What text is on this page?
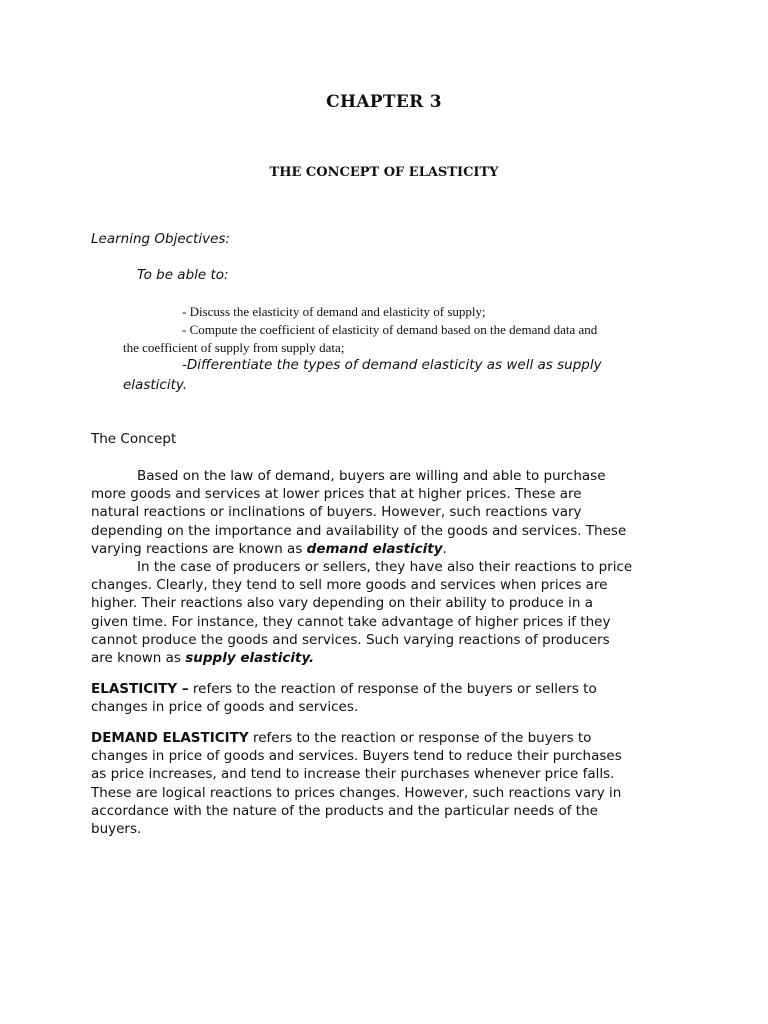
CHAPTER 3
THE CONCEPT OF ELASTICITY
Learning Objectives:
To be able to:
- Discuss the elasticity of demand and elasticity of supply;
- Compute the coefficient of elasticity of demand based on the demand data and
the coefficient of supply from supply data;
-Differentiate the types of demand elasticity as well as supply
elasticity.
The Concept
Based on the law of demand, buyers are willing and able to purchase
more goods and services at lower prices that at higher prices. These are
natural reactions or inclinations of buyers. However, such reactions vary
depending on the importance and availability of the goods and services. These
varying reactions are known as demand elasticity.
In the case of producers or sellers, they have also their reactions to price
changes. Clearly, they tend to sell more goods and services when prices are
higher. Their reactions also vary depending on their ability to produce in a
given time. For instance, they cannot take advantage of higher prices if they
cannot produce the goods and services. Such varying reactions of producers
are known as supply elasticity.
ELASTICITY – refers to the reaction of response of the buyers or sellers to
changes in price of goods and services.
DEMAND ELASTICITY refers to the reaction or response of the buyers to
changes in price of goods and services. Buyers tend to reduce their purchases
as price increases, and tend to increase their purchases whenever price falls.
These are logical reactions to prices changes. However, such reactions vary in
accordance with the nature of the products and the particular needs of the
buyers.
